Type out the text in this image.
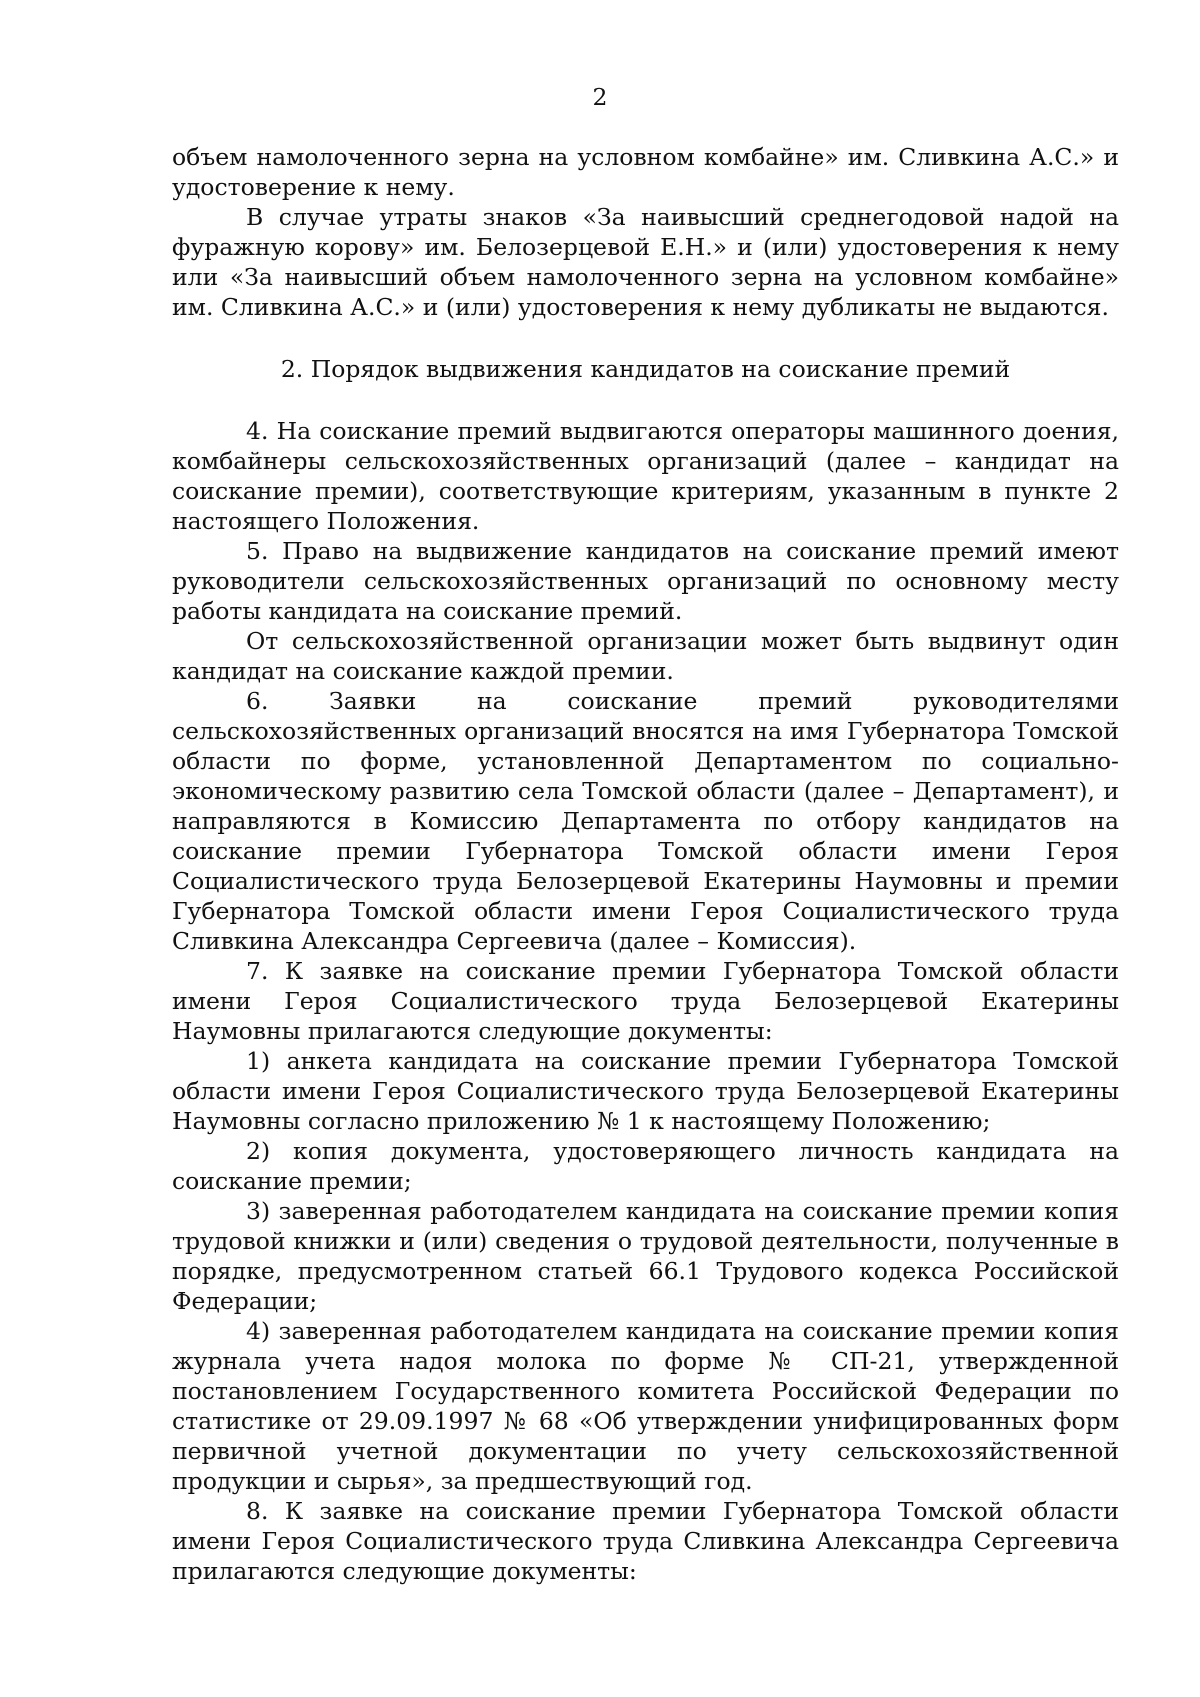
2

объем намолоченного зерна на условном комбайне» им. Сливкина А.С.» и удостоверение к нему.

В случае утраты знаков «За наивысший среднегодовой надой на фуражную корову» им. Белозерцевой Е.Н.» и (или) удостоверения к нему или «За наивысший объем намолоченного зерна на условном комбайне» им. Сливкина А.С.» и (или) удостоверения к нему дубликаты не выдаются.

2. Порядок выдвижения кандидатов на соискание премий

4. На соискание премий выдвигаются операторы машинного доения, комбайнеры сельскохозяйственных организаций (далее – кандидат на соискание премии), соответствующие критериям, указанным в пункте 2 настоящего Положения.

5. Право на выдвижение кандидатов на соискание премий имеют руководители сельскохозяйственных организаций по основному месту работы кандидата на соискание премий.

От сельскохозяйственной организации может быть выдвинут один кандидат на соискание каждой премии.

6. Заявки на соискание премий руководителями сельскохозяйственных организаций вносятся на имя Губернатора Томской области по форме, установленной Департаментом по социально-экономическому развитию села Томской области (далее – Департамент), и направляются в Комиссию Департамента по отбору кандидатов на соискание премии Губернатора Томской области имени Героя Социалистического труда Белозерцевой Екатерины Наумовны и премии Губернатора Томской области имени Героя Социалистического труда Сливкина Александра Сергеевича (далее – Комиссия).

7. К заявке на соискание премии Губернатора Томской области имени Героя Социалистического труда Белозерцевой Екатерины Наумовны прилагаются следующие документы:

1) анкета кандидата на соискание премии Губернатора Томской области имени Героя Социалистического труда Белозерцевой Екатерины Наумовны согласно приложению № 1 к настоящему Положению;

2) копия документа, удостоверяющего личность кандидата на соискание премии;

3) заверенная работодателем кандидата на соискание премии копия трудовой книжки и (или) сведения о трудовой деятельности, полученные в порядке, предусмотренном статьей 66.1 Трудового кодекса Российской Федерации;

4) заверенная работодателем кандидата на соискание премии копия журнала учета надоя молока по форме № СП-21, утвержденной постановлением Государственного комитета Российской Федерации по статистике от 29.09.1997 № 68 «Об утверждении унифицированных форм первичной учетной документации по учету сельскохозяйственной продукции и сырья», за предшествующий год.

8. К заявке на соискание премии Губернатора Томской области имени Героя Социалистического труда Сливкина Александра Сергеевича прилагаются следующие документы:
